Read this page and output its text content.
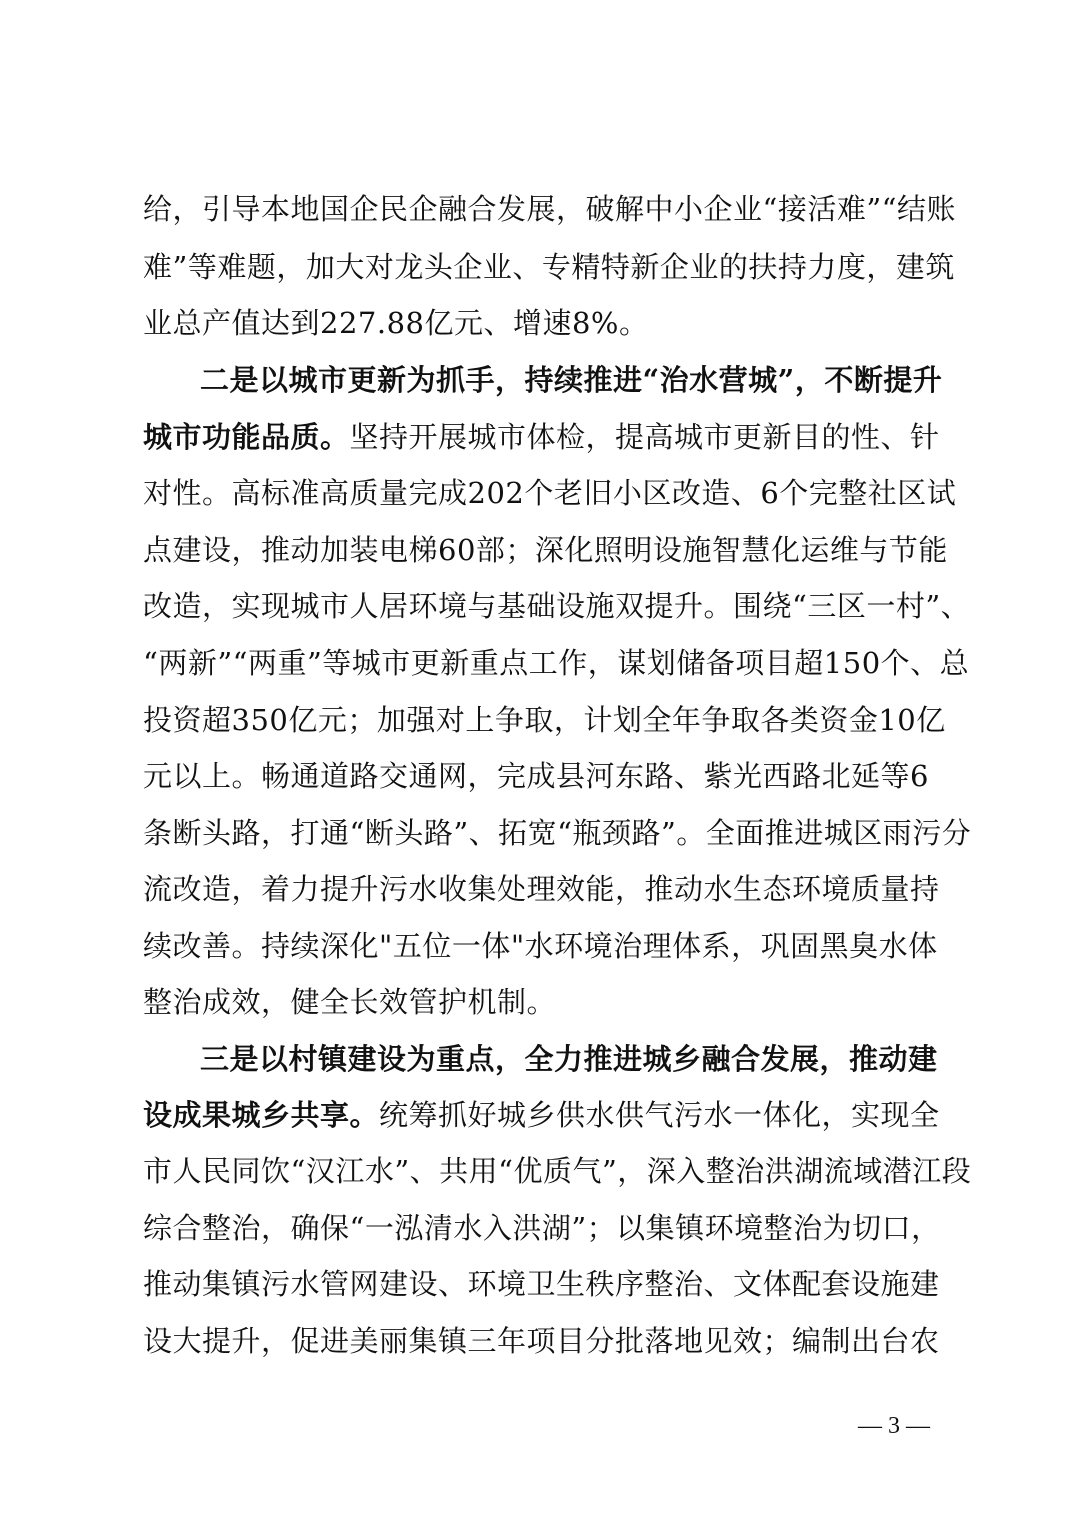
给，引导本地国企民企融合发展，破解中小企业“接活难”“结账
难”等难题，加大对龙头企业、专精特新企业的扶持力度，建筑
业总产值达到227.88亿元、增速8%。
二是以城市更新为抓手，持续推进“治水营城”，不断提升
城市功能品质。坚持开展城市体检，提高城市更新目的性、针
对性。高标准高质量完成202个老旧小区改造、6个完整社区试
点建设，推动加装电梯60部；深化照明设施智慧化运维与节能
改造，实现城市人居环境与基础设施双提升。围绕“三区一村”、
“两新”“两重”等城市更新重点工作，谋划储备项目超150个、总
投资超350亿元；加强对上争取，计划全年争取各类资金10亿
元以上。畅通道路交通网，完成县河东路、紫光西路北延等6
条断头路，打通“断头路”、拓宽“瓶颈路”。全面推进城区雨污分
流改造，着力提升污水收集处理效能，推动水生态环境质量持
续改善。持续深化"五位一体"水环境治理体系，巩固黑臭水体
整治成效，健全长效管护机制。
三是以村镇建设为重点，全力推进城乡融合发展，推动建
设成果城乡共享。统筹抓好城乡供水供气污水一体化，实现全
市人民同饮“汉江水”、共用“优质气”，深入整治洪湖流域潜江段
综合整治，确保“一泓清水入洪湖”；以集镇环境整治为切口，
推动集镇污水管网建设、环境卫生秩序整治、文体配套设施建
设大提升，促进美丽集镇三年项目分批落地见效；编制出台农
— 3 —
